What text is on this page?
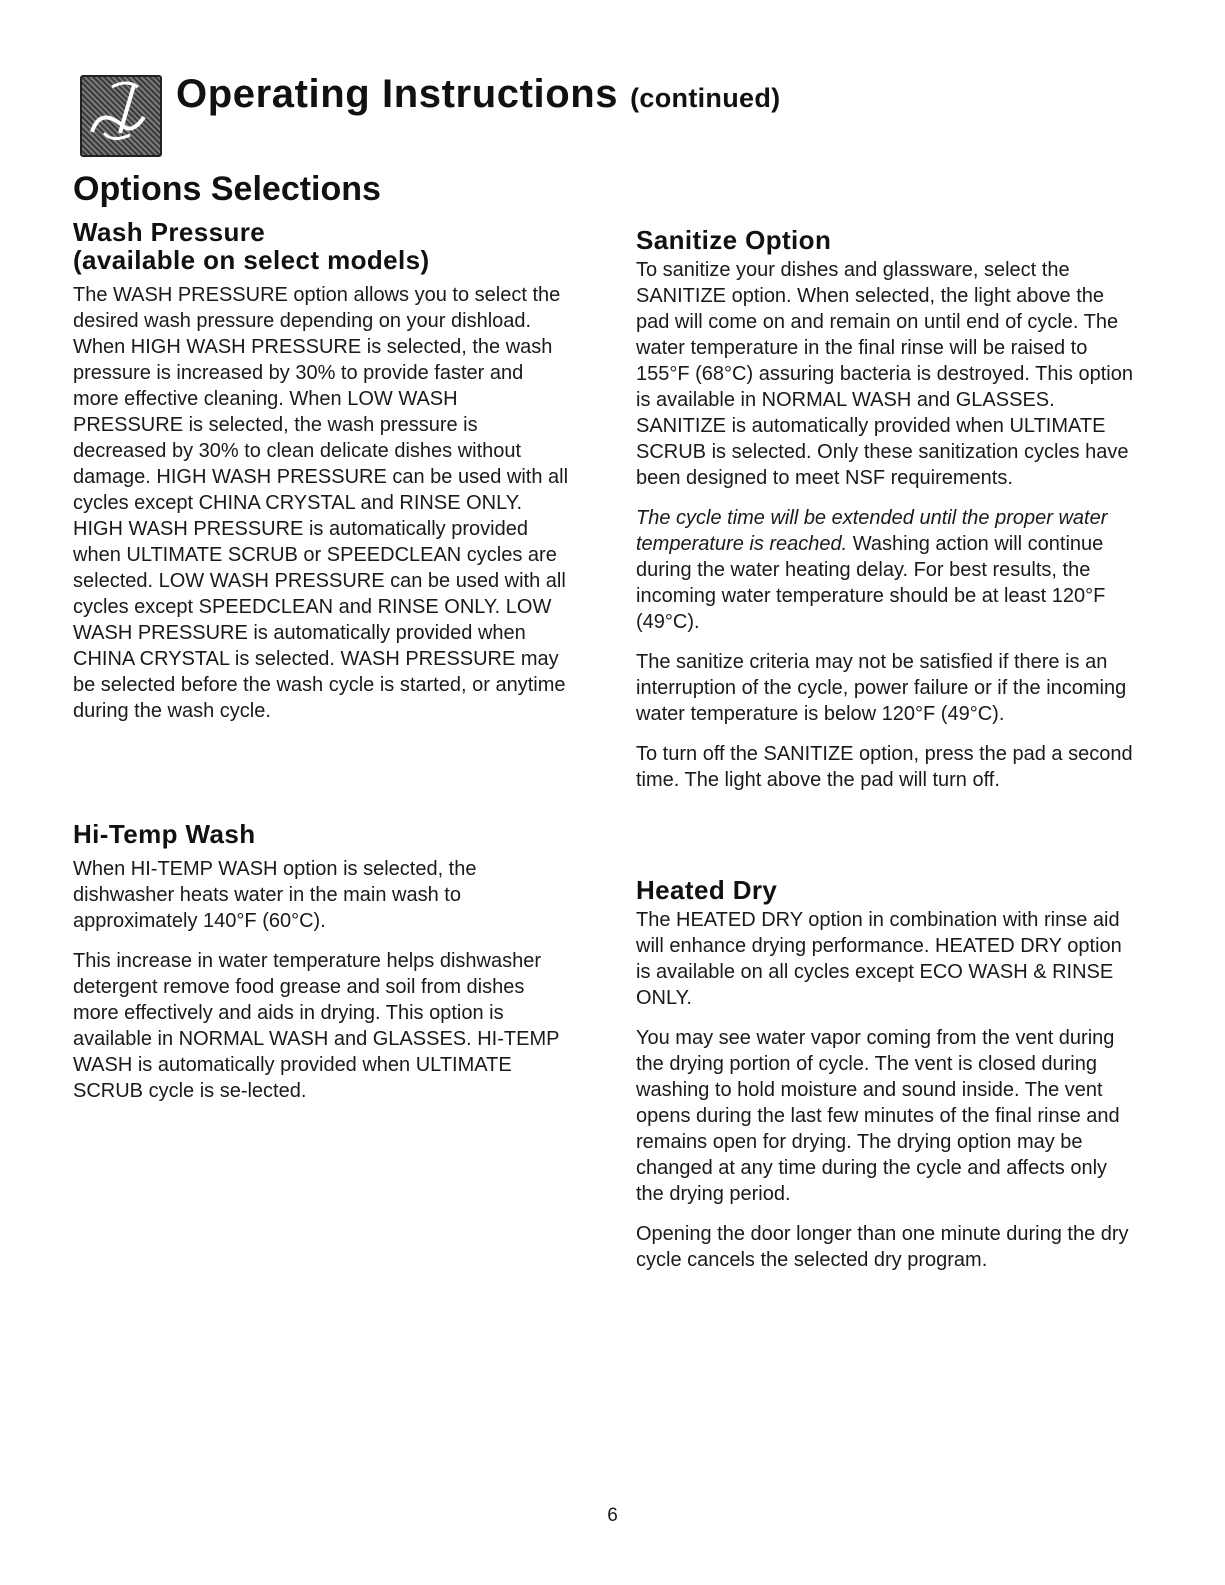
Operating Instructions (continued)
Options Selections
Wash Pressure
(available on select models)

The WASH PRESSURE option allows you to select the desired wash pressure depending on your dishload. When HIGH WASH PRESSURE is selected, the wash pressure is increased by 30% to provide faster and more effective cleaning. When LOW WASH PRESSURE is selected, the wash pressure is decreased by 30% to clean delicate dishes without damage. HIGH WASH PRESSURE can be used with all cycles except CHINA CRYSTAL and RINSE ONLY. HIGH WASH PRESSURE is automatically provided when ULTIMATE SCRUB or SPEEDCLEAN cycles are selected. LOW WASH PRESSURE can be used with all cycles except SPEEDCLEAN and RINSE ONLY. LOW WASH PRESSURE is automatically provided when CHINA CRYSTAL is selected. WASH PRESSURE may be selected before the wash cycle is started, or anytime during the wash cycle.

Hi-Temp Wash

When HI-TEMP WASH option is selected, the dishwasher heats water in the main wash to approximately 140°F (60°C).

This increase in water temperature helps dishwasher detergent remove food grease and soil from dishes more effectively and aids in drying. This option is available in NORMAL WASH and GLASSES. HI-TEMP WASH is automatically provided when ULTIMATE SCRUB cycle is se-lected.

Sanitize Option

To sanitize your dishes and glassware, select the SANITIZE option. When selected, the light above the pad will come on and remain on until end of cycle. The water temperature in the final rinse will be raised to 155°F (68°C) assuring bacteria is destroyed. This option is available in NORMAL WASH and GLASSES. SANITIZE is automatically provided when ULTIMATE SCRUB is selected. Only these sanitization cycles have been designed to meet NSF requirements.

The cycle time will be extended until the proper water temperature is reached. Washing action will continue during the water heating delay. For best results, the incoming water temperature should be at least 120°F (49°C).

The sanitize criteria may not be satisfied if there is an interruption of the cycle, power failure or if the incoming water temperature is below 120°F (49°C).

To turn off the SANITIZE option, press the pad a second time. The light above the pad will turn off.

Heated Dry

The HEATED DRY option in combination with rinse aid will enhance drying performance. HEATED DRY option is available on all cycles except ECO WASH & RINSE ONLY.

You may see water vapor coming from the vent during the drying portion of cycle. The vent is closed during washing to hold moisture and sound inside. The vent opens during the last few minutes of the final rinse and remains open for drying. The drying option may be changed at any time during the cycle and affects only the drying period.

Opening the door longer than one minute during the dry cycle cancels the selected dry program.

6
